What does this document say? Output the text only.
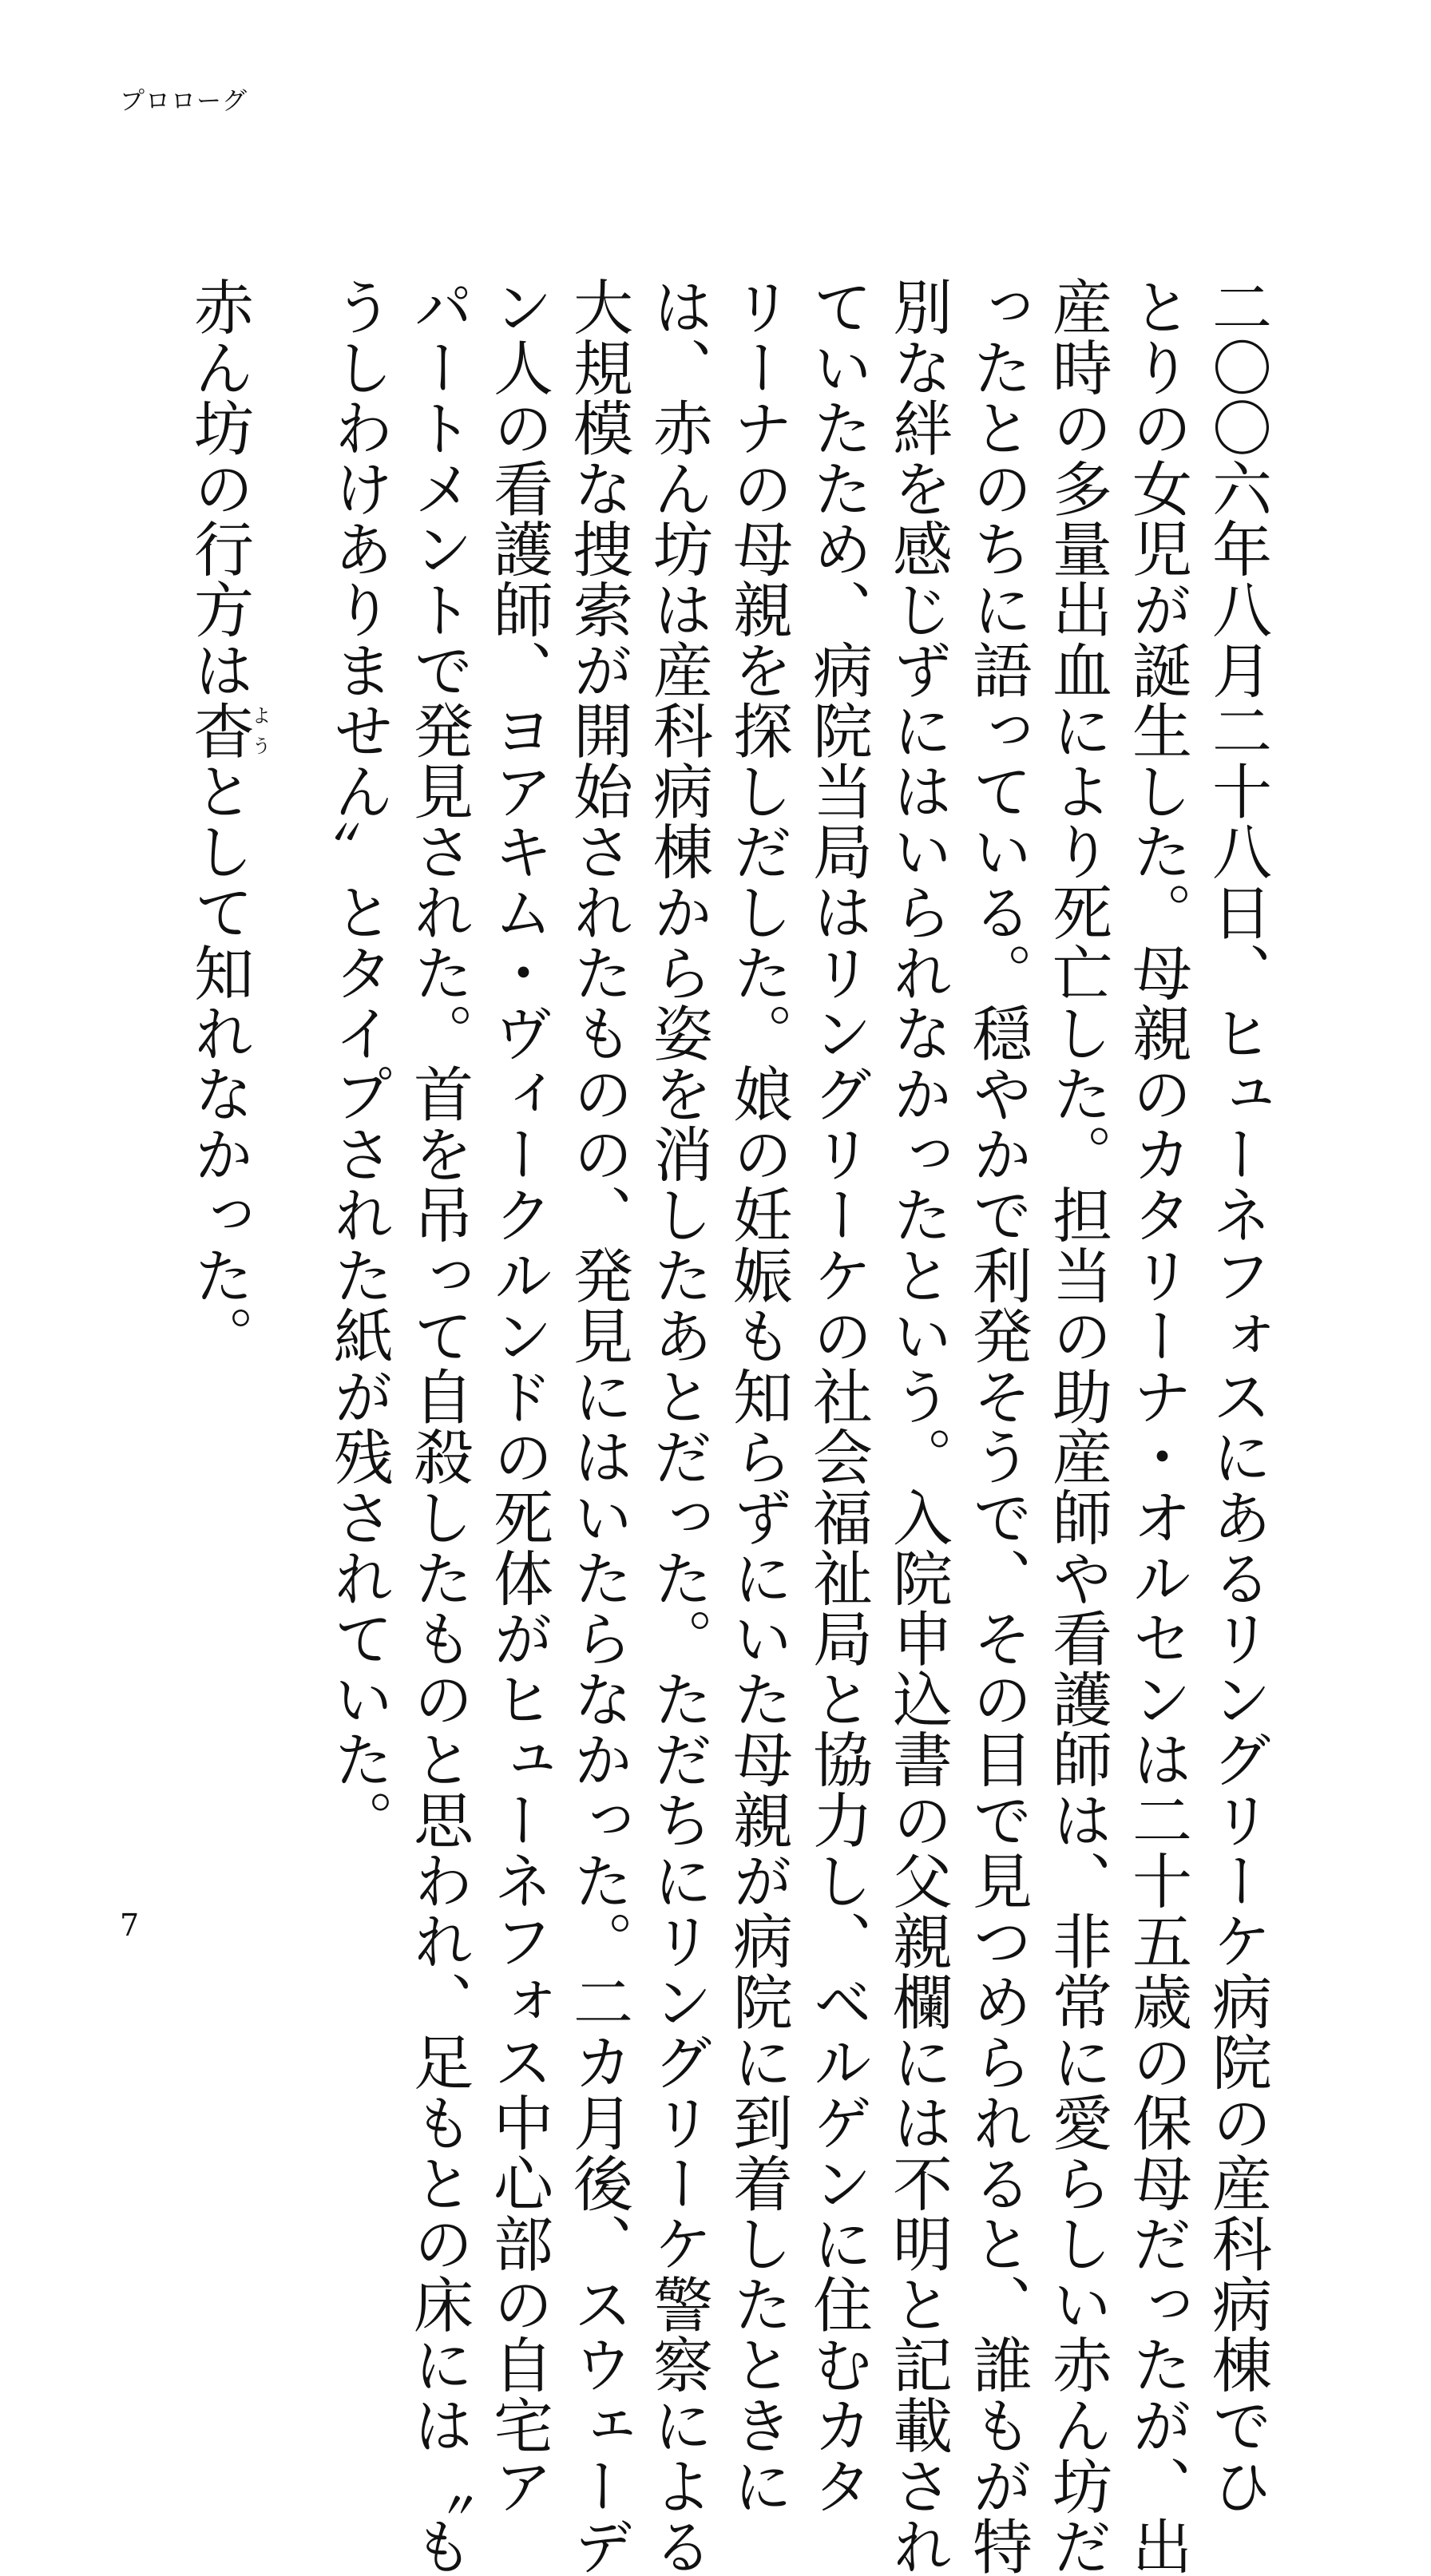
プロローグ
二〇〇六年八月二十八日、ヒューネフォスにあるリングリーケ病院の産科病棟でひ
とりの女児が誕生した。母親のカタリーナ・オルセンは二十五歳の保母だったが、出
産時の多量出血により死亡した。担当の助産師や看護師は、非常に愛らしい赤ん坊だ
ったとのちに語っている。穏やかで利発そうで、その目で見つめられると、誰もが特
別な絆を感じずにはいられなかったという。入院申込書の父親欄には不明と記載され
ていたため、病院当局はリングリーケの社会福祉局と協力し、ベルゲンに住むカタ
リーナの母親を探しだした。娘の妊娠も知らずにいた母親が病院に到着したときに
は、赤ん坊は産科病棟から姿を消したあとだった。ただちにリングリーケ警察による
大規模な捜索が開始されたものの、発見にはいたらなかった。二カ月後、スウェーデ
ン人の看護師、ヨアキム・ヴィークルンドの死体がヒューネフォス中心部の自宅ア
パートメントで発見された。首を吊って自殺したものと思われ、足もとの床には〝も
うしわけありません〟とタイプされた紙が残されていた。
赤ん坊の行方は杳ようとして知れなかった。
7
